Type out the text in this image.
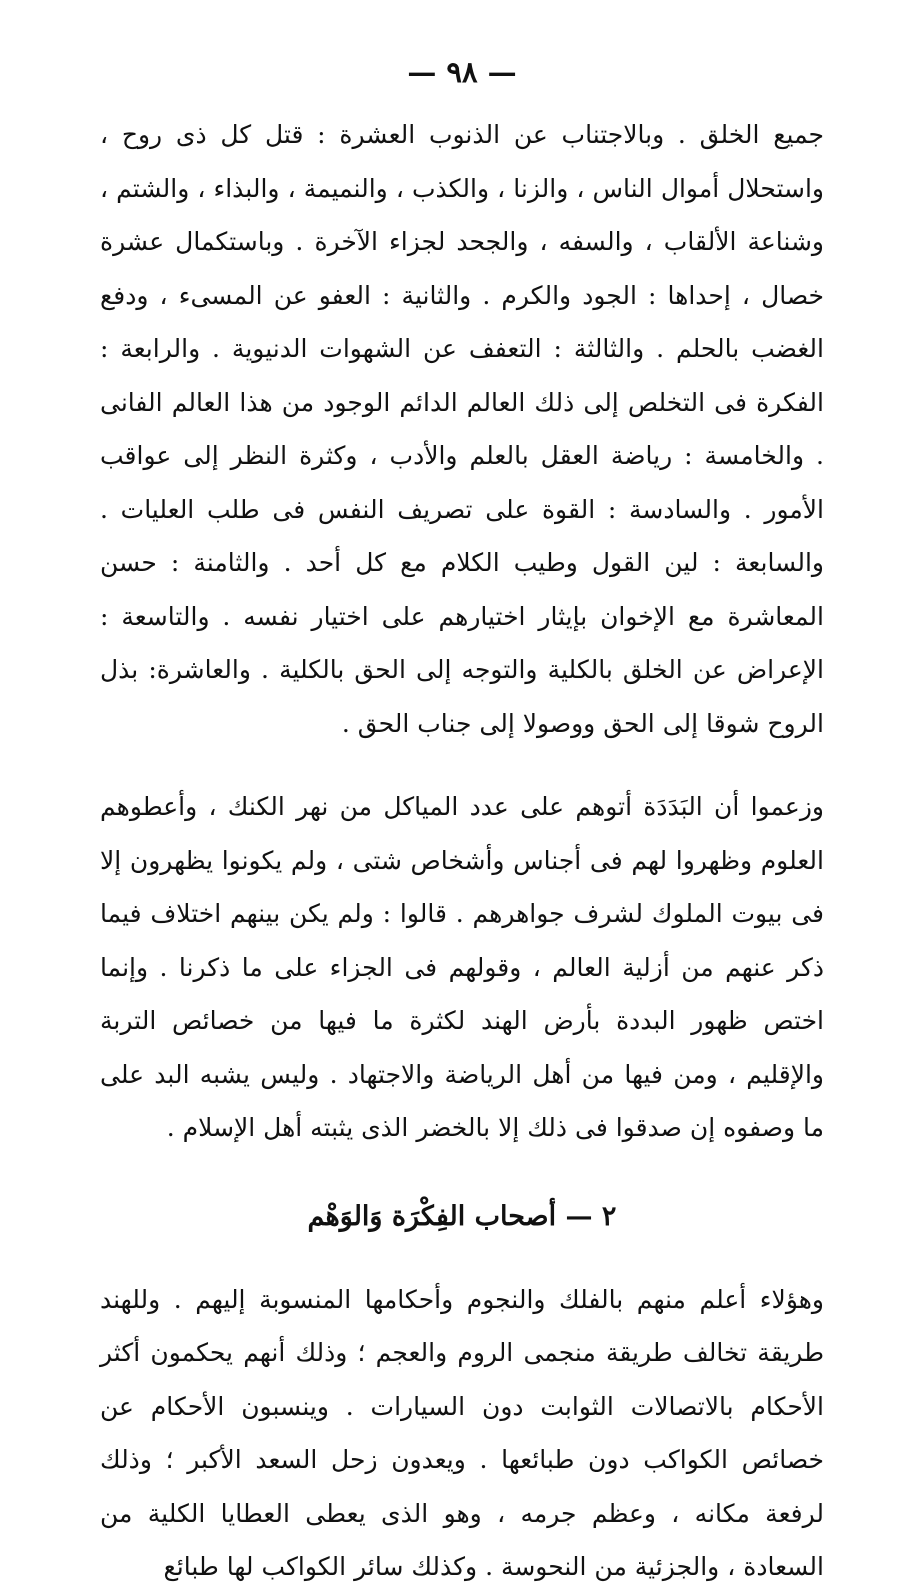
— ٩٨ —

جميع الخلق . وبالاجتناب عن الذنوب العشرة : قتل كل ذى روح ، واستحلال أموال الناس ، والزنا ، والكذب ، والنميمة ، والبذاء ، والشتم ، وشناعة الألقاب ، والسفه ، والجحد لجزاء الآخرة . وباستكمال عشرة خصال ، إحداها : الجود والكرم . والثانية : العفو عن المسىء ، ودفع الغضب بالحلم . والثالثة : التعفف عن الشهوات الدنيوية . والرابعة : الفكرة فى التخلص إلى ذلك العالم الدائم الوجود من هذا العالم الفانى . والخامسة : رياضة العقل بالعلم والأدب ، وكثرة النظر إلى عواقب الأمور . والسادسة : القوة على تصريف النفس فى طلب العليات . والسابعة : لين القول وطيب الكلام مع كل أحد . والثامنة : حسن المعاشرة مع الإخوان بإيثار اختيارهم على اختيار نفسه . والتاسعة : الإعراض عن الخلق بالكلية والتوجه إلى الحق بالكلية . والعاشرة: بذل الروح شوقا إلى الحق ووصولا إلى جناب الحق .

وزعموا أن البَدَدَة أتوهم على عدد المياكل من نهر الكنك ، وأعطوهم العلوم وظهروا لهم فى أجناس وأشخاص شتى ، ولم يكونوا يظهرون إلا فى بيوت الملوك لشرف جواهرهم . قالوا : ولم يكن بينهم اختلاف فيما ذكر عنهم من أزلية العالم ، وقولهم فى الجزاء على ما ذكرنا . وإنما اختص ظهور البددة بأرض الهند لكثرة ما فيها من خصائص التربة والإقليم ، ومن فيها من أهل الرياضة والاجتهاد . وليس يشبه البد على ما وصفوه إن صدقوا فى ذلك إلا بالخضر الذى يثبته أهل الإسلام .

٢ — أصحاب الفِكْرَة وَالوَهْم

وهؤلاء أعلم منهم بالفلك والنجوم وأحكامها المنسوبة إليهم . وللهند طريقة تخالف طريقة منجمى الروم والعجم ؛ وذلك أنهم يحكمون أكثر الأحكام بالاتصالات الثوابت دون السيارات . وينسبون الأحكام عن خصائص الكواكب دون طبائعها . ويعدون زحل السعد الأكبر ؛ وذلك لرفعة مكانه ، وعظم جرمه ، وهو الذى يعطى العطايا الكلية من السعادة ، والجزئية من النحوسة . وكذلك سائر الكواكب لها طبائع
